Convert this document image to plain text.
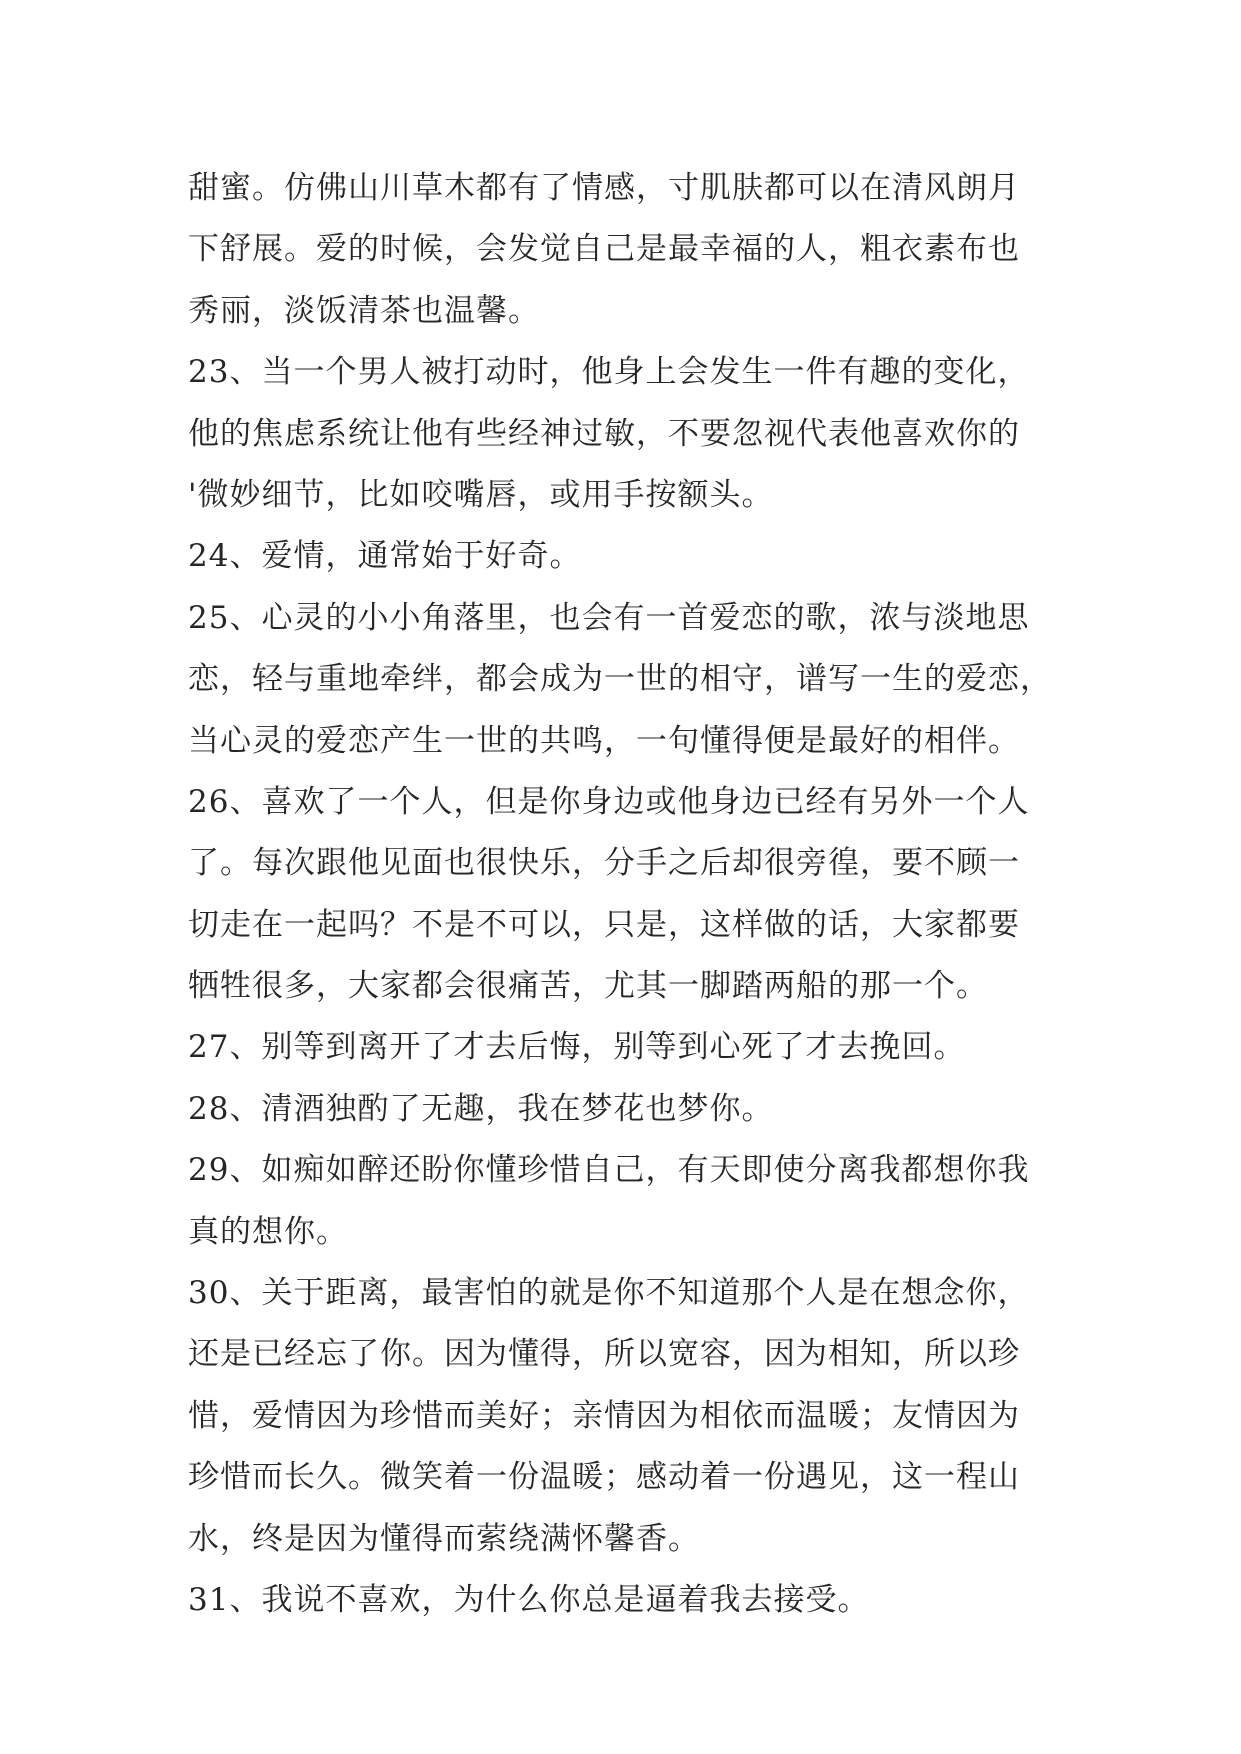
甜蜜。仿佛山川草木都有了情感，寸肌肤都可以在清风朗月
下舒展。爱的时候，会发觉自己是最幸福的人，粗衣素布也
秀丽，淡饭清茶也温馨。
23、当一个男人被打动时，他身上会发生一件有趣的变化，
他的焦虑系统让他有些经神过敏，不要忽视代表他喜欢你的
'微妙细节，比如咬嘴唇，或用手按额头。
24、爱情，通常始于好奇。
25、心灵的小小角落里，也会有一首爱恋的歌，浓与淡地思
恋，轻与重地牵绊，都会成为一世的相守，谱写一生的爱恋，
当心灵的爱恋产生一世的共鸣，一句懂得便是最好的相伴。
26、喜欢了一个人，但是你身边或他身边已经有另外一个人
了。每次跟他见面也很快乐，分手之后却很旁徨，要不顾一
切走在一起吗？不是不可以，只是，这样做的话，大家都要
牺牲很多，大家都会很痛苦，尤其一脚踏两船的那一个。
27、别等到离开了才去后悔，别等到心死了才去挽回。
28、清酒独酌了无趣，我在梦花也梦你。
29、如痴如醉还盼你懂珍惜自己，有天即使分离我都想你我
真的想你。
30、关于距离，最害怕的就是你不知道那个人是在想念你，
还是已经忘了你。因为懂得，所以宽容，因为相知，所以珍
惜，爱情因为珍惜而美好；亲情因为相依而温暖；友情因为
珍惜而长久。微笑着一份温暖；感动着一份遇见，这一程山
水，终是因为懂得而萦绕满怀馨香。
31、我说不喜欢，为什么你总是逼着我去接受。
